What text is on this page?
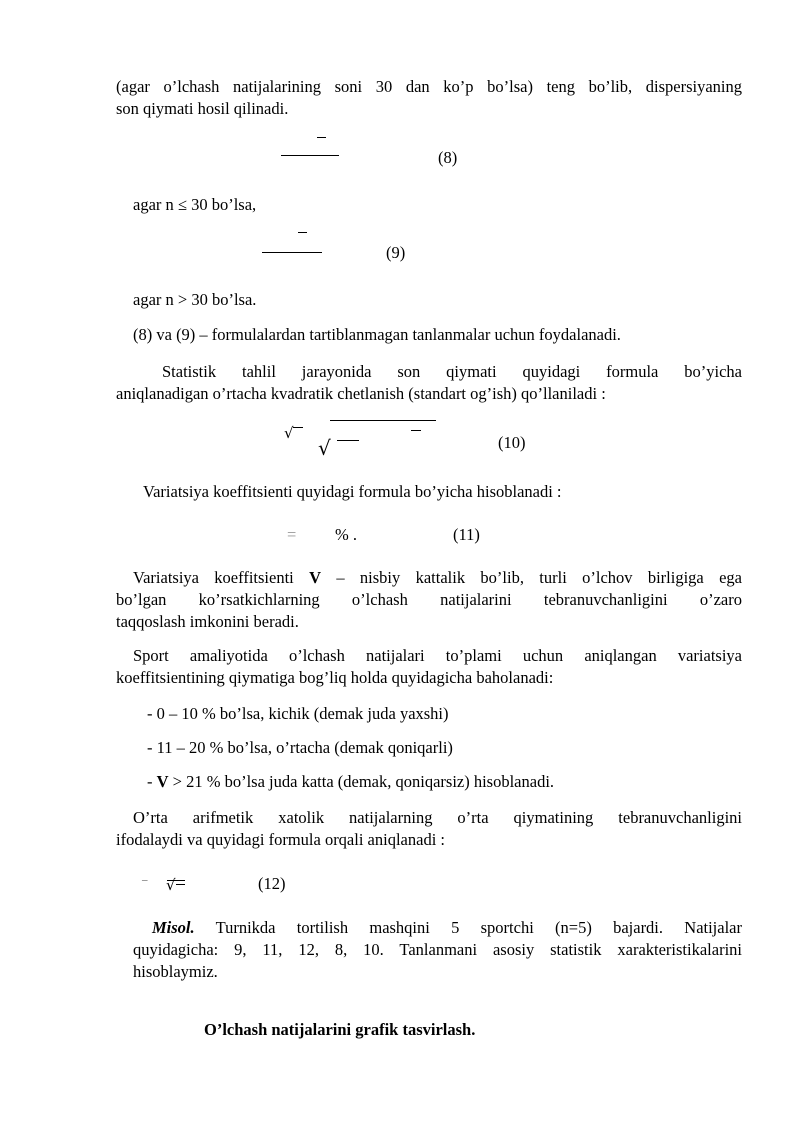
(agar o’lchash natijalarining soni 30 dan ko’p bo’lsa) teng bo’lib, dispersiyaning
son qiymati hosil qilinadi.
(8)
agar n ≤ 30 bo’lsa,
(9)
agar n > 30 bo’lsa.
(8) va (9) – formulalardan tartiblanmagan tanlanmalar uchun foydalanadi.
Statistik tahlil jarayonida son qiymati quyidagi formula bo’yicha
aniqlanadigan o’rtacha kvadratik chetlanish (standart og’ish) qo’llaniladi :
√
√	(10)
Variatsiya koeffitsienti quyidagi formula bo’yicha hisoblanadi :
= % .	(11)
Variatsiya koeffitsienti V – nisbiy kattalik bo’lib, turli o’lchov birligiga ega
bo’lgan ko’rsatkichlarning o’lchash natijalarini tebranuvchanligini o’zaro
taqqoslash imkonini beradi.
Sport amaliyotida o’lchash natijalari to’plami uchun aniqlangan variatsiya
koeffitsientining qiymatiga bog’liq holda quyidagicha baholanadi:
- 0 – 10 % bo’lsa, kichik (demak juda yaxshi)
- 11 – 20 % bo’lsa, o’rtacha (demak qoniqarli)
- V > 21 % bo’lsa juda katta (demak, qoniqarsiz) hisoblanadi.
O’rta arifmetik xatolik natijalarning o’rta qiymatining tebranuvchanligini
ifodalaydi va quyidagi formula orqali aniqlanadi :
– √	(12)
Misol. Turnikda tortilish mashqini 5 sportchi (n=5) bajardi. Natijalar
quyidagicha: 9, 11, 12, 8, 10. Tanlanmani asosiy statistik xarakteristikalarini
hisoblaymiz.
O’lchash natijalarini grafik tasvirlash.
